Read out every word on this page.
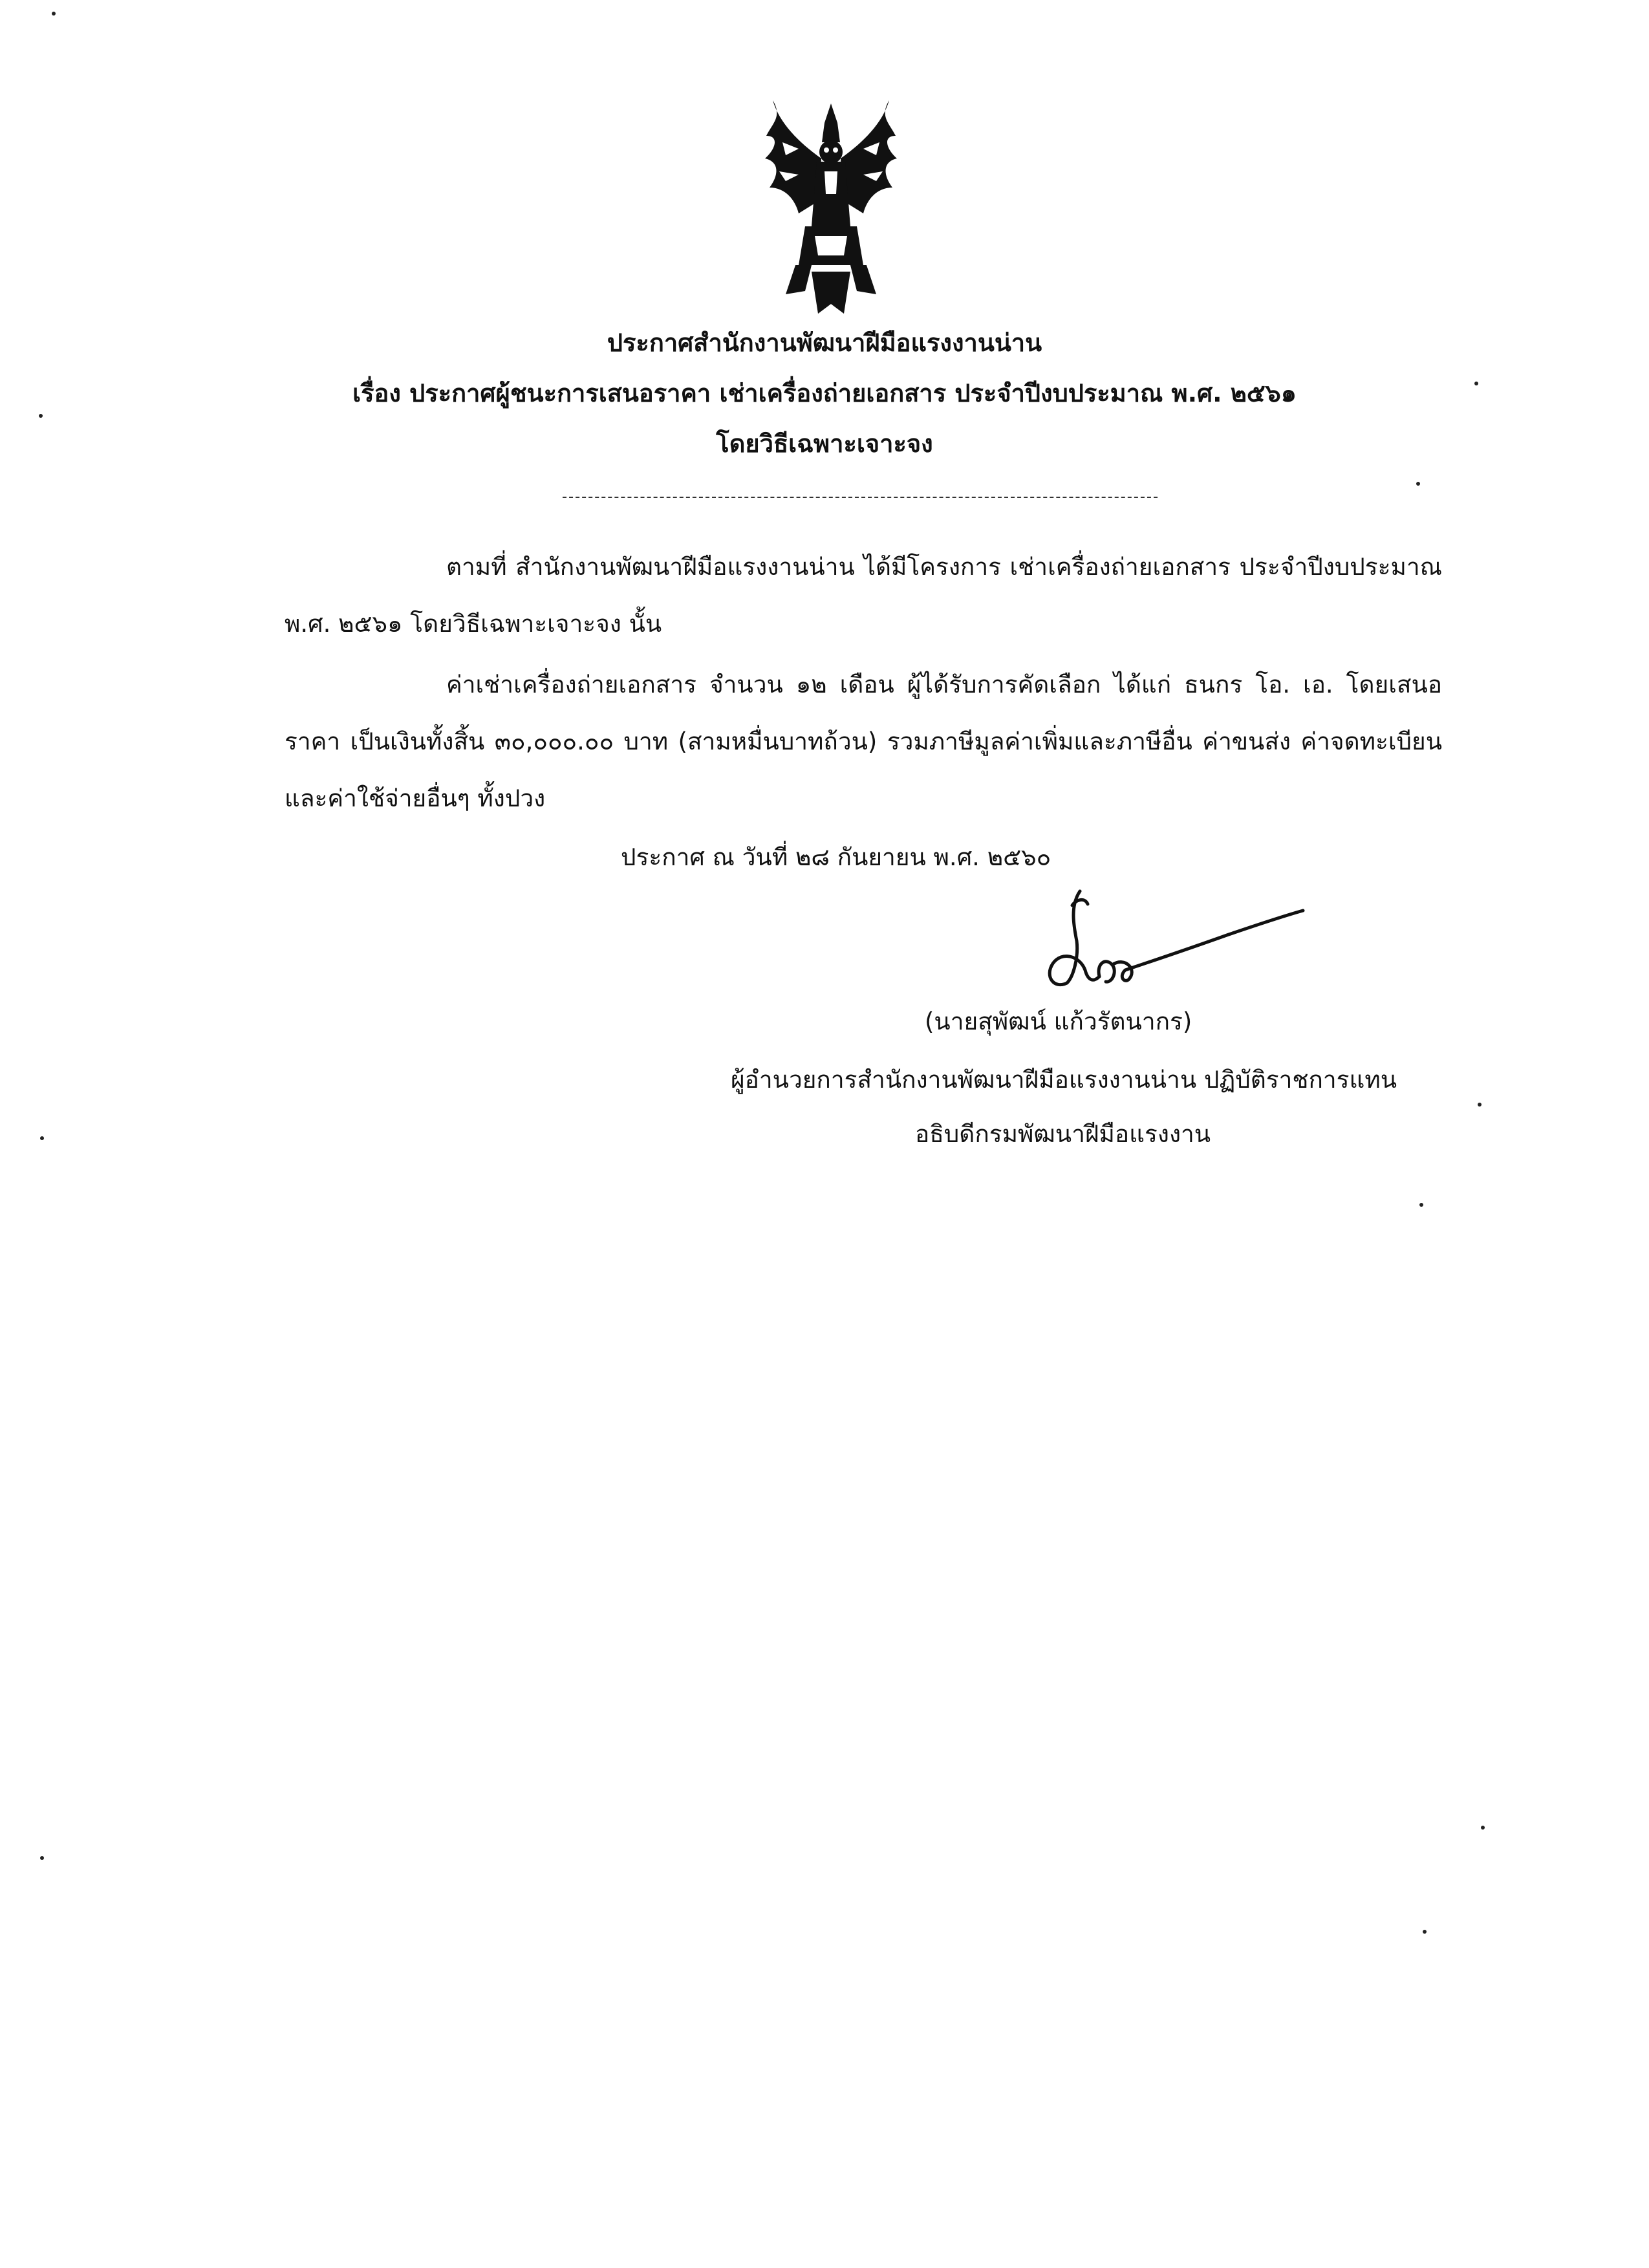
ประกาศสำนักงานพัฒนาฝีมือแรงงานน่าน
เรื่อง ประกาศผู้ชนะการเสนอราคา เช่าเครื่องถ่ายเอกสาร ประจำปีงบประมาณ พ.ศ. ๒๕๖๑
โดยวิธีเฉพาะเจาะจง
ตามที่ สำนักงานพัฒนาฝีมือแรงงานน่าน ได้มีโครงการ เช่าเครื่องถ่ายเอกสาร ประจำปีงบประมาณ พ.ศ. ๒๕๖๑ โดยวิธีเฉพาะเจาะจง นั้น
ค่าเช่าเครื่องถ่ายเอกสาร จำนวน ๑๒ เดือน ผู้ได้รับการคัดเลือก ได้แก่ ธนกร โอ. เอ. โดยเสนอราคา เป็นเงินทั้งสิ้น ๓๐,๐๐๐.๐๐ บาท (สามหมื่นบาทถ้วน) รวมภาษีมูลค่าเพิ่มและภาษีอื่น ค่าขนส่ง ค่าจดทะเบียน และค่าใช้จ่ายอื่นๆ ทั้งปวง
ประกาศ ณ วันที่ ๒๘ กันยายน พ.ศ. ๒๕๖๐
(นายสุพัฒน์ แก้วรัตนากร)
ผู้อำนวยการสำนักงานพัฒนาฝีมือแรงงานน่าน ปฏิบัติราชการแทน
อธิบดีกรมพัฒนาฝีมือแรงงาน
